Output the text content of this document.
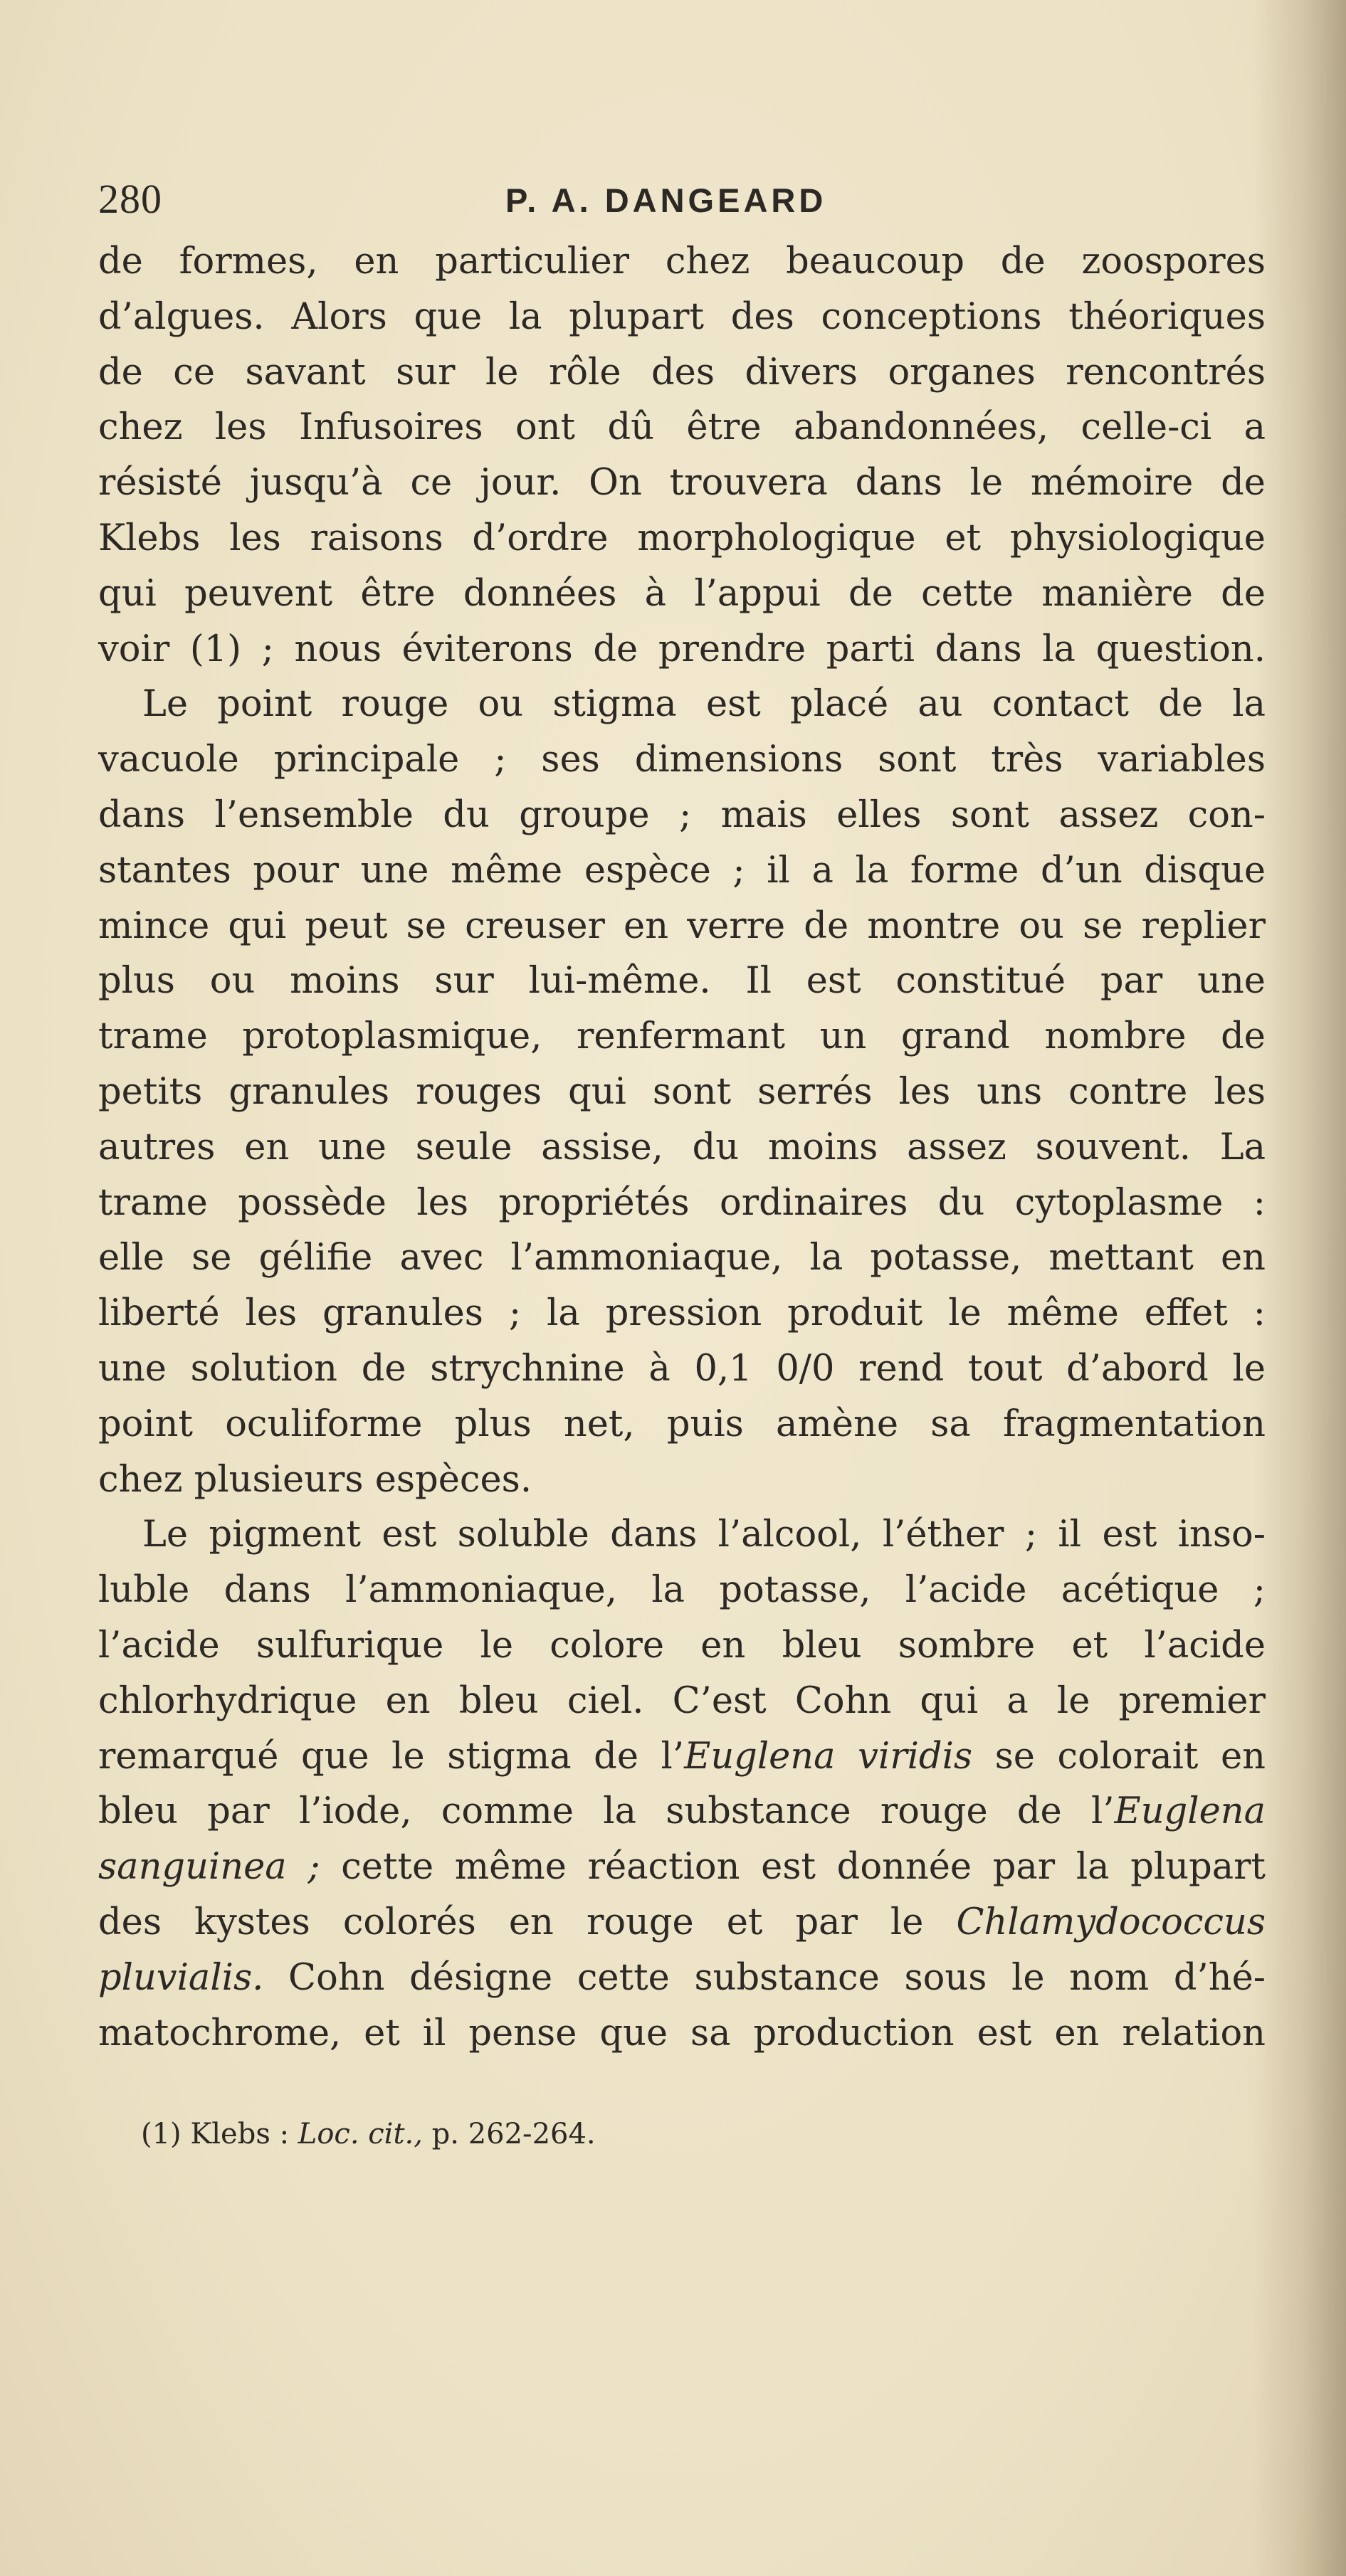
280	P. A. DANGEARD
de formes, en particulier chez beaucoup de zoospores
d’algues. Alors que la plupart des conceptions théoriques
de ce savant sur le rôle des divers organes rencontrés
chez les Infusoires ont dû être abandonnées, celle-ci a
résisté jusqu’à ce jour. On trouvera dans le mémoire de
Klebs les raisons d’ordre morphologique et physiologique
qui peuvent être données à l’appui de cette manière de
voir (1) ; nous éviterons de prendre parti dans la question.
Le point rouge ou stigma est placé au contact de la
vacuole principale ; ses dimensions sont très variables
dans l’ensemble du groupe ; mais elles sont assez con-
stantes pour une même espèce ; il a la forme d’un disque
mince qui peut se creuser en verre de montre ou se replier
plus ou moins sur lui-même. Il est constitué par une
trame protoplasmique, renfermant un grand nombre de
petits granules rouges qui sont serrés les uns contre les
autres en une seule assise, du moins assez souvent. La
trame possède les propriétés ordinaires du cytoplasme :
elle se gélifie avec l’ammoniaque, la potasse, mettant en
liberté les granules ; la pression produit le même effet :
une solution de strychnine à 0,1 0/0 rend tout d’abord le
point oculiforme plus net, puis amène sa fragmentation
chez plusieurs espèces.
Le pigment est soluble dans l’alcool, l’éther ; il est inso-
luble dans l’ammoniaque, la potasse, l’acide acétique ;
l’acide sulfurique le colore en bleu sombre et l’acide
chlorhydrique en bleu ciel. C’est Cohn qui a le premier
remarqué que le stigma de l’Euglena viridis se colorait en
bleu par l’iode, comme la substance rouge de l’Euglena
sanguinea ; cette même réaction est donnée par la plupart
des kystes colorés en rouge et par le Chlamydococcus
pluvialis. Cohn désigne cette substance sous le nom d’hé-
matochrome, et il pense que sa production est en relation
(1) Klebs : Loc. cit., p. 262-264.
